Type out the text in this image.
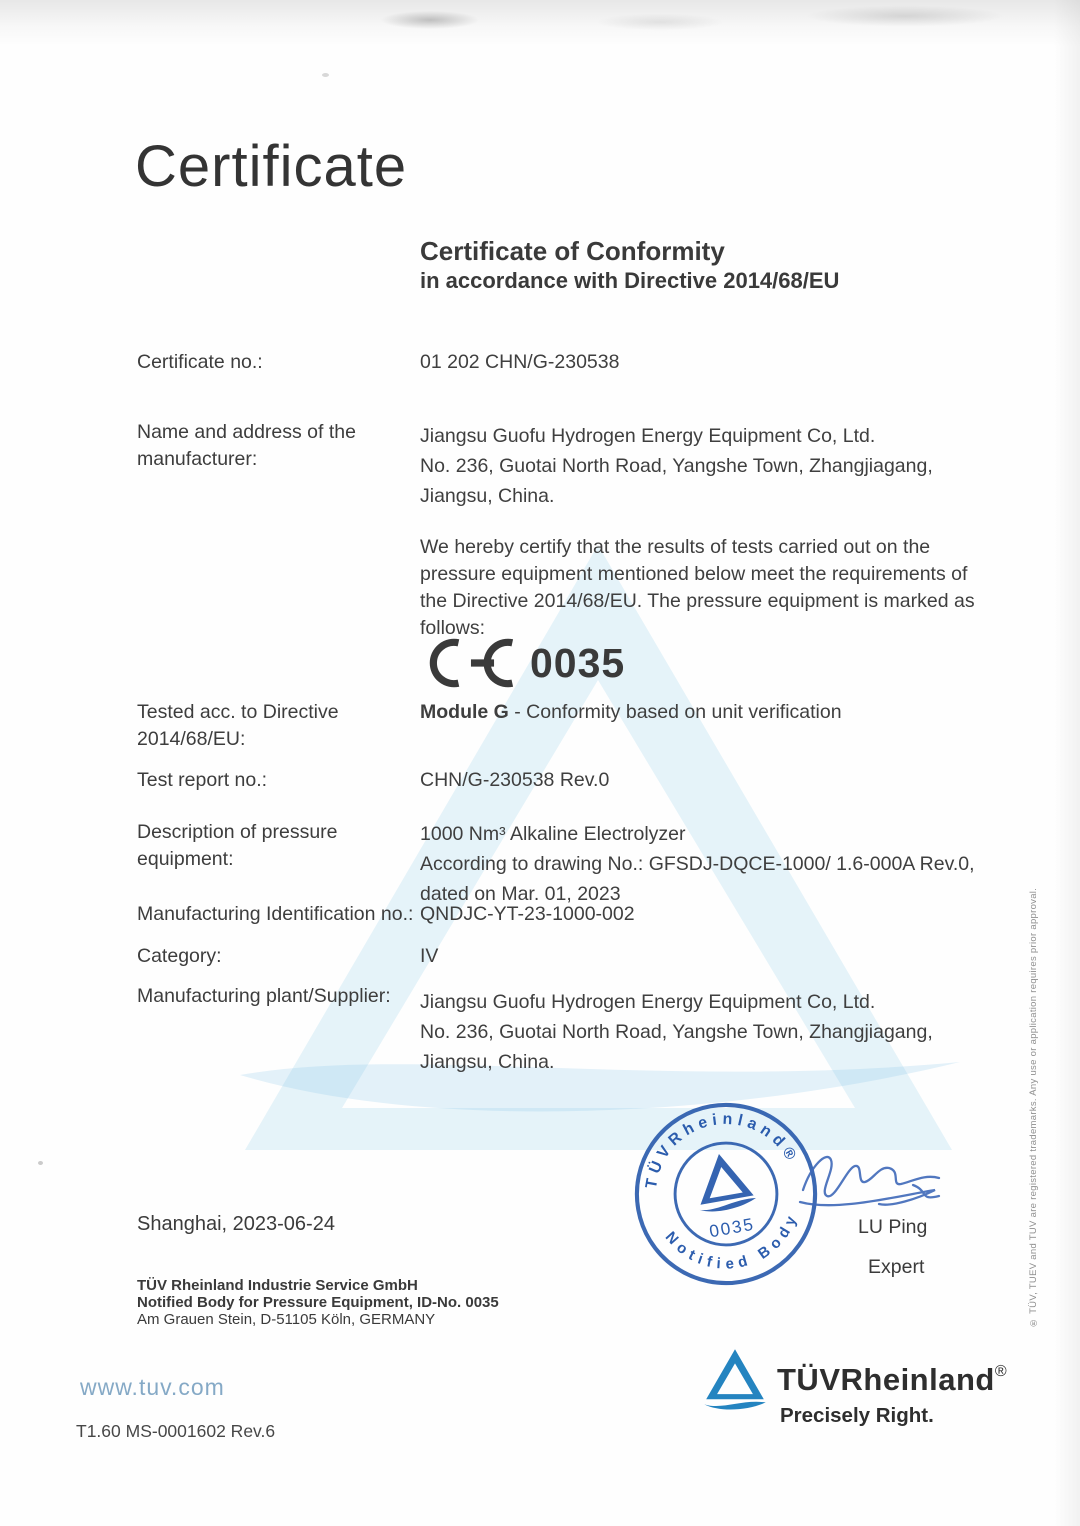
Certificate
Certificate of Conformity
in accordance with Directive 2014/68/EU
Certificate no.:	01 202 CHN/G-230538
Name and address of the
manufacturer:
Jiangsu Guofu Hydrogen Energy Equipment Co, Ltd.
No. 236, Guotai North Road, Yangshe Town, Zhangjiagang,
Jiangsu, China.
We hereby certify that the results of tests carried out on the
pressure equipment mentioned below meet the requirements of
the Directive 2014/68/EU. The pressure equipment is marked as
follows:
0035
Tested acc. to Directive
2014/68/EU:
Module G - Conformity based on unit verification
Test report no.:	CHN/G-230538 Rev.0
Description of pressure
equipment:
1000 Nm³ Alkaline Electrolyzer
According to drawing No.: GFSDJ-DQCE-1000/ 1.6-000A Rev.0,
dated on Mar. 01, 2023
Manufacturing Identification no.: QNDJC-YT-23-1000-002
Category:	IV
Manufacturing plant/Supplier: Jiangsu Guofu Hydrogen Energy Equipment Co, Ltd.
No. 236, Guotai North Road, Yangshe Town, Zhangjiagang,
Jiangsu, China.
TÜVRheinland®
Notified Body
0035	LU Ping
Expert
Shanghai, 2023-06-24
TÜV Rheinland Industrie Service GmbH
Notified Body for Pressure Equipment, ID-No. 0035
Am Grauen Stein, D-51105 Köln, GERMANY
www.tuv.com
T1.60 MS-0001602 Rev.6
TÜVRheinland®
Precisely Right.
® TÜV, TUEV and TUV are registered trademarks. Any use or application requires prior approval.
